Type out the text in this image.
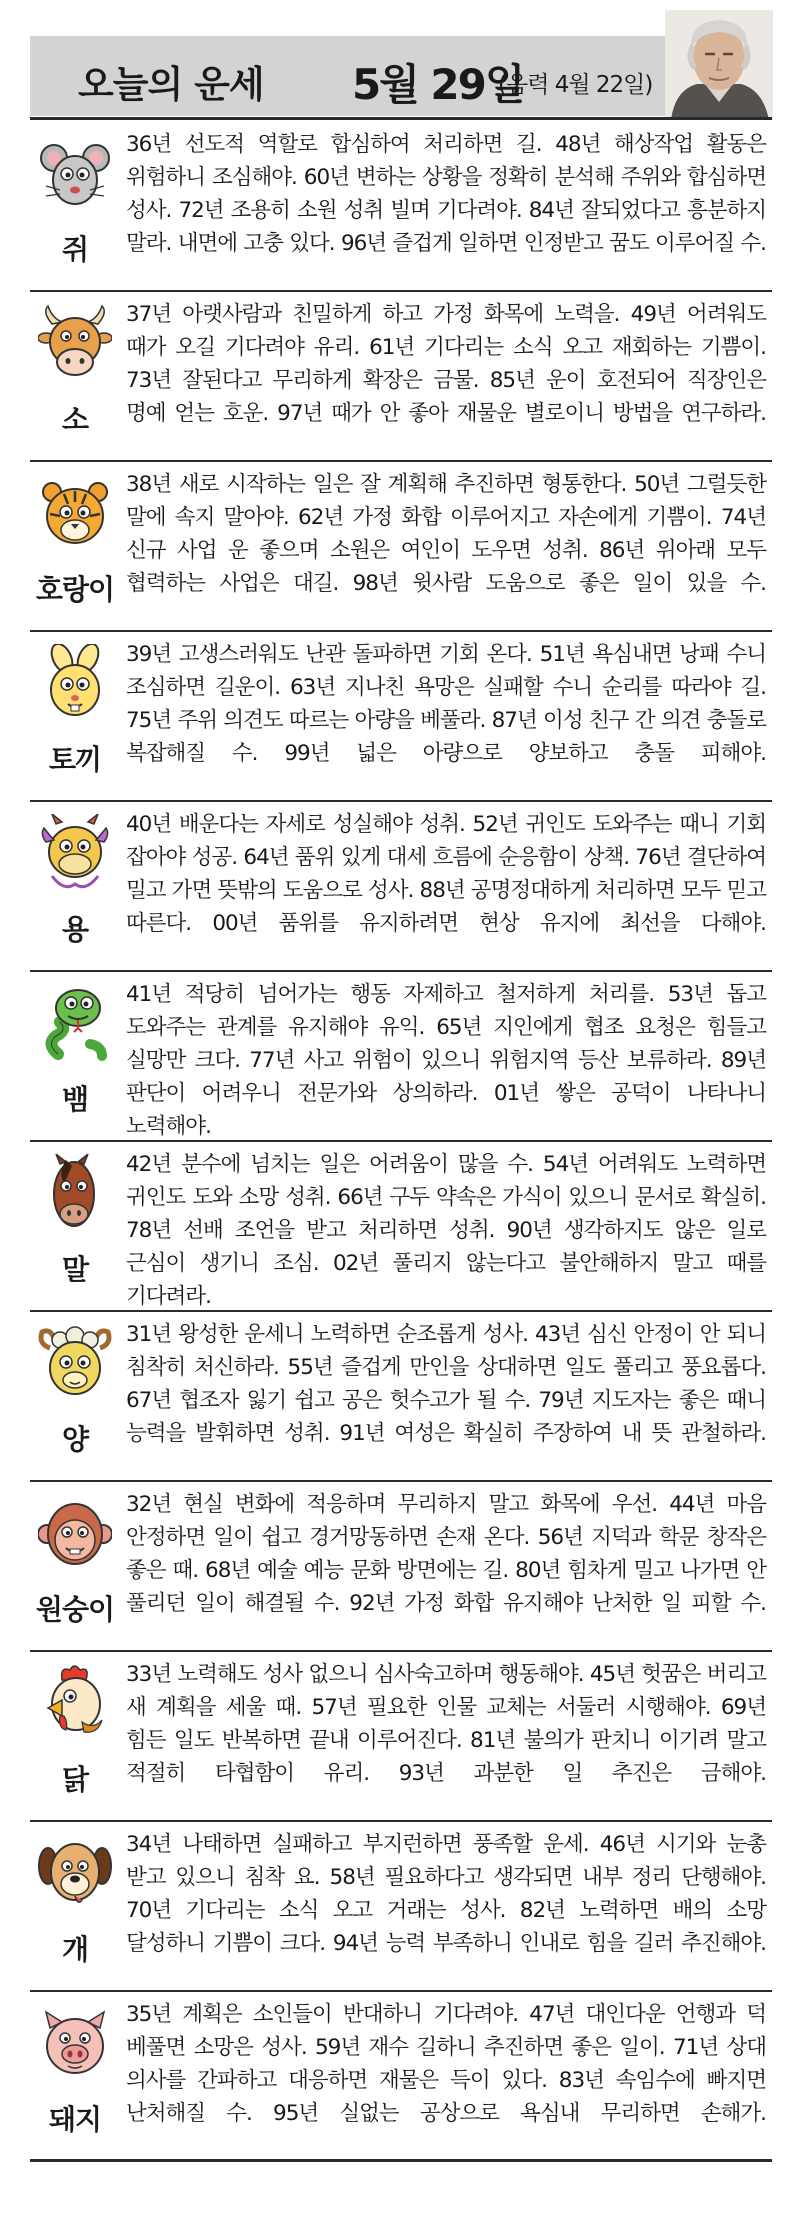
오늘의 운세 5월 29일
(음력 4월 22일)
쥐

36년 선도적 역할로 합심하여 처리하면 길. 48년 해상작업 활동은 위험하니 조심해야. 60년 변하는 상황을 정확히 분석해 주위와 합심하면 성사. 72년 조용히 소원 성취 빌며 기다려야. 84년 잘되었다고 흥분하지 말라. 내면에 고충 있다. 96년 즐겁게 일하면 인정받고 꿈도 이루어질 수.

소

37년 아랫사람과 친밀하게 하고 가정 화목에 노력을. 49년 어려워도 때가 오길 기다려야 유리. 61년 기다리는 소식 오고 재회하는 기쁨이. 73년 잘된다고 무리하게 확장은 금물. 85년 운이 호전되어 직장인은 명예 얻는 호운. 97년 때가 안 좋아 재물운 별로이니 방법을 연구하라.

호랑이

38년 새로 시작하는 일은 잘 계획해 추진하면 형통한다. 50년 그럴듯한 말에 속지 말아야. 62년 가정 화합 이루어지고 자손에게 기쁨이. 74년 신규 사업 운 좋으며 소원은 여인이 도우면 성취. 86년 위아래 모두 협력하는 사업은 대길. 98년 윗사람 도움으로 좋은 일이 있을 수.

토끼

39년 고생스러워도 난관 돌파하면 기회 온다. 51년 욕심내면 낭패 수니 조심하면 길운이. 63년 지나친 욕망은 실패할 수니 순리를 따라야 길. 75년 주위 의견도 따르는 아량을 베풀라. 87년 이성 친구 간 의견 충돌로 복잡해질 수. 99년 넓은 아량으로 양보하고 충돌 피해야.

용

40년 배운다는 자세로 성실해야 성취. 52년 귀인도 도와주는 때니 기회 잡아야 성공. 64년 품위 있게 대세 흐름에 순응함이 상책. 76년 결단하여 밀고 가면 뜻밖의 도움으로 성사. 88년 공명정대하게 처리하면 모두 믿고 따른다. 00년 품위를 유지하려면 현상 유지에 최선을 다해야.

뱀

41년 적당히 넘어가는 행동 자제하고 철저하게 처리를. 53년 돕고 도와주는 관계를 유지해야 유익. 65년 지인에게 협조 요청은 힘들고 실망만 크다. 77년 사고 위험이 있으니 위험지역 등산 보류하라. 89년 판단이 어려우니 전문가와 상의하라. 01년 쌓은 공덕이 나타나니 노력해야.

말

42년 분수에 넘치는 일은 어려움이 많을 수. 54년 어려워도 노력하면 귀인도 도와 소망 성취. 66년 구두 약속은 가식이 있으니 문서로 확실히. 78년 선배 조언을 받고 처리하면 성취. 90년 생각하지도 않은 일로 근심이 생기니 조심. 02년 풀리지 않는다고 불안해하지 말고 때를 기다려라.

양

31년 왕성한 운세니 노력하면 순조롭게 성사. 43년 심신 안정이 안 되니 침착히 처신하라. 55년 즐겁게 만인을 상대하면 일도 풀리고 풍요롭다. 67년 협조자 잃기 쉽고 공은 헛수고가 될 수. 79년 지도자는 좋은 때니 능력을 발휘하면 성취. 91년 여성은 확실히 주장하여 내 뜻 관철하라.

원숭이

32년 현실 변화에 적응하며 무리하지 말고 화목에 우선. 44년 마음 안정하면 일이 쉽고 경거망동하면 손재 온다. 56년 지덕과 학문 창작은 좋은 때. 68년 예술 예능 문화 방면에는 길. 80년 힘차게 밀고 나가면 안 풀리던 일이 해결될 수. 92년 가정 화합 유지해야 난처한 일 피할 수.

닭

33년 노력해도 성사 없으니 심사숙고하며 행동해야. 45년 헛꿈은 버리고 새 계획을 세울 때. 57년 필요한 인물 교체는 서둘러 시행해야. 69년 힘든 일도 반복하면 끝내 이루어진다. 81년 불의가 판치니 이기려 말고 적절히 타협함이 유리. 93년 과분한 일 추진은 금해야.

개

34년 나태하면 실패하고 부지런하면 풍족할 운세. 46년 시기와 눈총 받고 있으니 침착 요. 58년 필요하다고 생각되면 내부 정리 단행해야. 70년 기다리는 소식 오고 거래는 성사. 82년 노력하면 배의 소망 달성하니 기쁨이 크다. 94년 능력 부족하니 인내로 힘을 길러 추진해야.

돼지

35년 계획은 소인들이 반대하니 기다려야. 47년 대인다운 언행과 덕 베풀면 소망은 성사. 59년 재수 길하니 추진하면 좋은 일이. 71년 상대 의사를 간파하고 대응하면 재물은 득이 있다. 83년 속임수에 빠지면 난처해질 수. 95년 실없는 공상으로 욕심내 무리하면 손해가.
